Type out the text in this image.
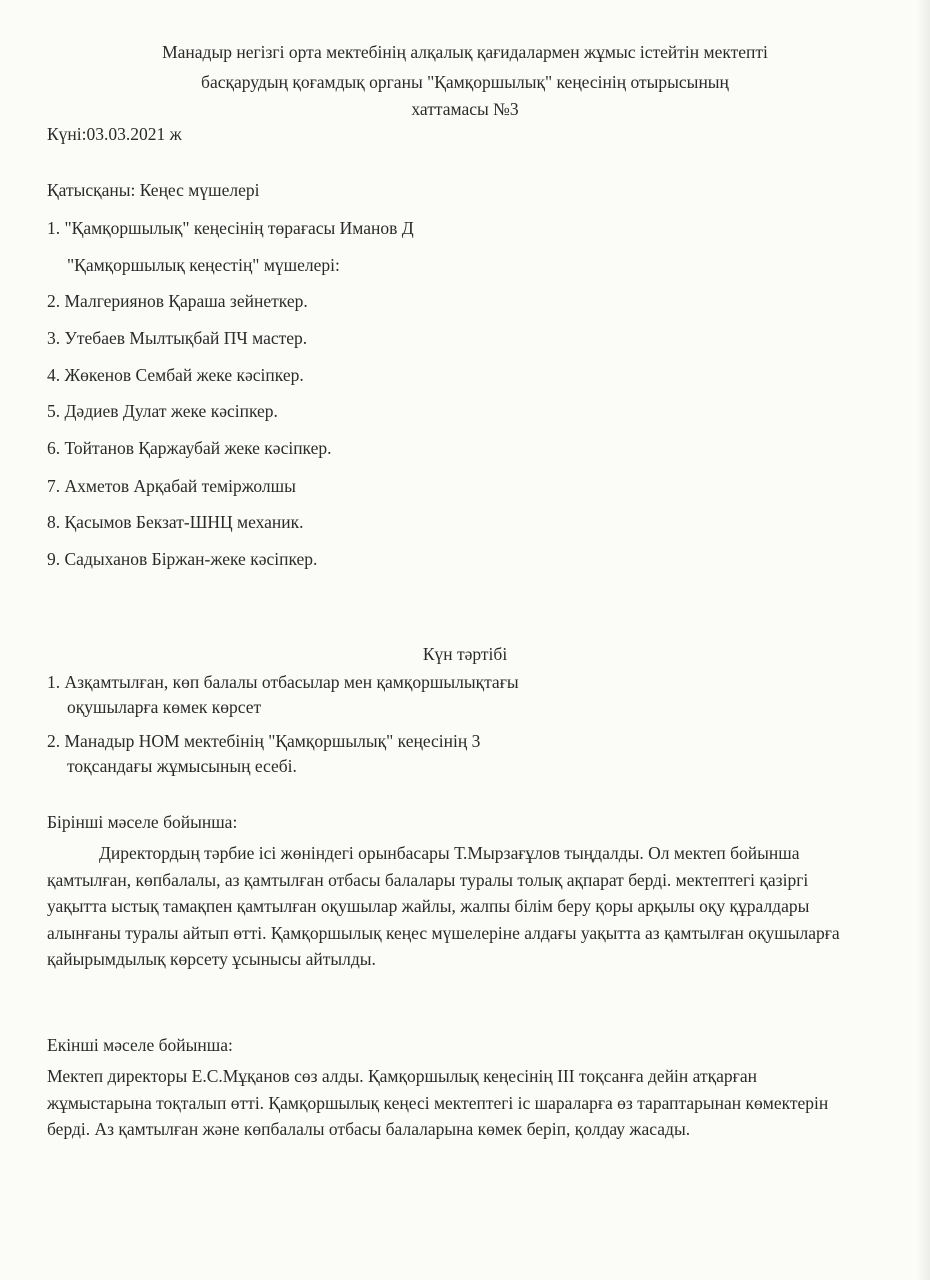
Манадыр негізгі орта мектебінің алқалық қағидалармен жұмыс істейтін мектепті
басқарудың қоғамдық органы "Қамқоршылық" кеңесінің отырысының
хаттамасы №3
Күні:03.03.2021 ж
Қатысқаны: Кеңес мүшелері
1. "Қамқоршылық" кеңесінің төрағасы Иманов Д
"Қамқоршылық кеңестің" мүшелері:
2. Малгериянов Қараша зейнеткер.
3. Утебаев Мылтықбай ПЧ мастер.
4. Жөкенов Сембай жеке кәсіпкер.
5. Дәдиев Дулат жеке кәсіпкер.
6. Тойтанов Қаржаубай жеке кәсіпкер.
7. Ахметов Арқабай теміржолшы
8. Қасымов Бекзат-ШНЦ механик.
9. Садыханов Біржан-жеке кәсіпкер.
Күн тәртібі
1. Азқамтылған, көп балалы отбасылар мен қамқоршылықтағы
оқушыларға көмек көрсет
2. Манадыр НОМ мектебінің "Қамқоршылық" кеңесінің 3
тоқсандағы жұмысының есебі.
Бірінші мәселе бойынша:
Директордың тәрбие ісі жөніндегі орынбасары Т.Мырзағұлов тыңдалды. Ол мектеп бойынша қамтылған, көпбалалы, аз қамтылған отбасы балалары туралы толық ақпарат берді. мектептегі қазіргі уақытта ыстық тамақпен қамтылған оқушылар жайлы, жалпы білім беру қоры арқылы оқу құралдары алынғаны туралы айтып өтті. Қамқоршылық кеңес мүшелеріне алдағы уақытта аз қамтылған оқушыларға қайырымдылық көрсету ұсынысы айтылды.
Екінші мәселе бойынша:
Мектеп директоры Е.С.Мұқанов сөз алды. Қамқоршылық кеңесінің ІІІ тоқсанға дейін атқарған жұмыстарына тоқталып өтті. Қамқоршылық кеңесі мектептегі іс шараларға өз тараптарынан көмектерін берді. Аз қамтылған және көпбалалы отбасы балаларына көмек беріп, қолдау жасады.
